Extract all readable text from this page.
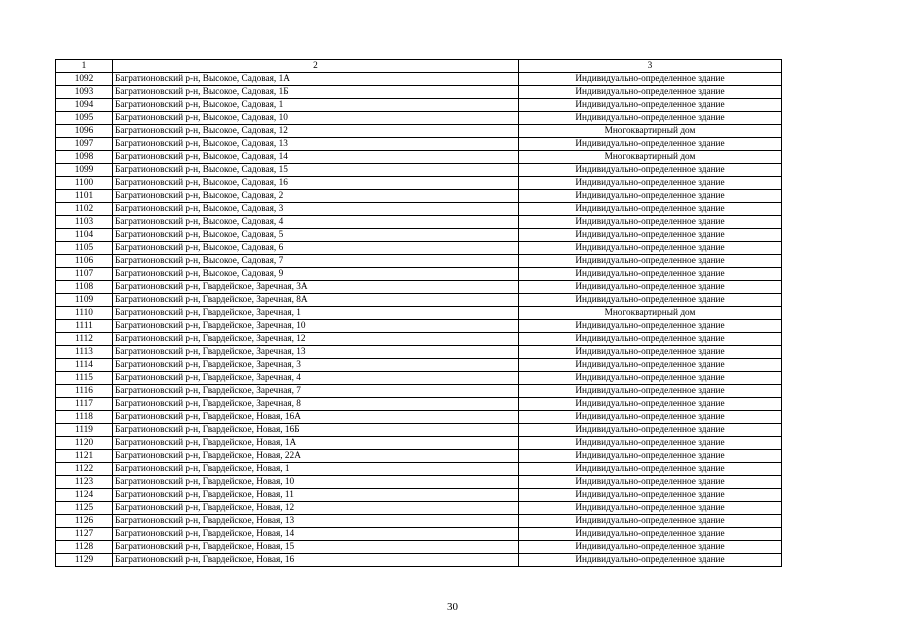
1	2	3
1092	Багратионовский р-н, Высокое, Садовая, 1А	Индивидуально-определенное здание
1093	Багратионовский р-н, Высокое, Садовая, 1Б	Индивидуально-определенное здание
1094	Багратионовский р-н, Высокое, Садовая, 1	Индивидуально-определенное здание
1095	Багратионовский р-н, Высокое, Садовая, 10	Индивидуально-определенное здание
1096	Багратионовский р-н, Высокое, Садовая, 12	Многоквартирный дом
1097	Багратионовский р-н, Высокое, Садовая, 13	Индивидуально-определенное здание
1098	Багратионовский р-н, Высокое, Садовая, 14	Многоквартирный дом
1099	Багратионовский р-н, Высокое, Садовая, 15	Индивидуально-определенное здание
1100	Багратионовский р-н, Высокое, Садовая, 16	Индивидуально-определенное здание
1101	Багратионовский р-н, Высокое, Садовая, 2	Индивидуально-определенное здание
1102	Багратионовский р-н, Высокое, Садовая, 3	Индивидуально-определенное здание
1103	Багратионовский р-н, Высокое, Садовая, 4	Индивидуально-определенное здание
1104	Багратионовский р-н, Высокое, Садовая, 5	Индивидуально-определенное здание
1105	Багратионовский р-н, Высокое, Садовая, 6	Индивидуально-определенное здание
1106	Багратионовский р-н, Высокое, Садовая, 7	Индивидуально-определенное здание
1107	Багратионовский р-н, Высокое, Садовая, 9	Индивидуально-определенное здание
1108	Багратионовский р-н, Гвардейское, Заречная, 3А	Индивидуально-определенное здание
1109	Багратионовский р-н, Гвардейское, Заречная, 8А	Индивидуально-определенное здание
1110	Багратионовский р-н, Гвардейское, Заречная, 1	Многоквартирный дом
1111	Багратионовский р-н, Гвардейское, Заречная, 10	Индивидуально-определенное здание
1112	Багратионовский р-н, Гвардейское, Заречная, 12	Индивидуально-определенное здание
1113	Багратионовский р-н, Гвардейское, Заречная, 13	Индивидуально-определенное здание
1114	Багратионовский р-н, Гвардейское, Заречная, 3	Индивидуально-определенное здание
1115	Багратионовский р-н, Гвардейское, Заречная, 4	Индивидуально-определенное здание
1116	Багратионовский р-н, Гвардейское, Заречная, 7	Индивидуально-определенное здание
1117	Багратионовский р-н, Гвардейское, Заречная, 8	Индивидуально-определенное здание
1118	Багратионовский р-н, Гвардейское, Новая, 16А	Индивидуально-определенное здание
1119	Багратионовский р-н, Гвардейское, Новая, 16Б	Индивидуально-определенное здание
1120	Багратионовский р-н, Гвардейское, Новая, 1А	Индивидуально-определенное здание
1121	Багратионовский р-н, Гвардейское, Новая, 22А	Индивидуально-определенное здание
1122	Багратионовский р-н, Гвардейское, Новая, 1	Индивидуально-определенное здание
1123	Багратионовский р-н, Гвардейское, Новая, 10	Индивидуально-определенное здание
1124	Багратионовский р-н, Гвардейское, Новая, 11	Индивидуально-определенное здание
1125	Багратионовский р-н, Гвардейское, Новая, 12	Индивидуально-определенное здание
1126	Багратионовский р-н, Гвардейское, Новая, 13	Индивидуально-определенное здание
1127	Багратионовский р-н, Гвардейское, Новая, 14	Индивидуально-определенное здание
1128	Багратионовский р-н, Гвардейское, Новая, 15	Индивидуально-определенное здание
1129	Багратионовский р-н, Гвардейское, Новая, 16	Индивидуально-определенное здание
30
